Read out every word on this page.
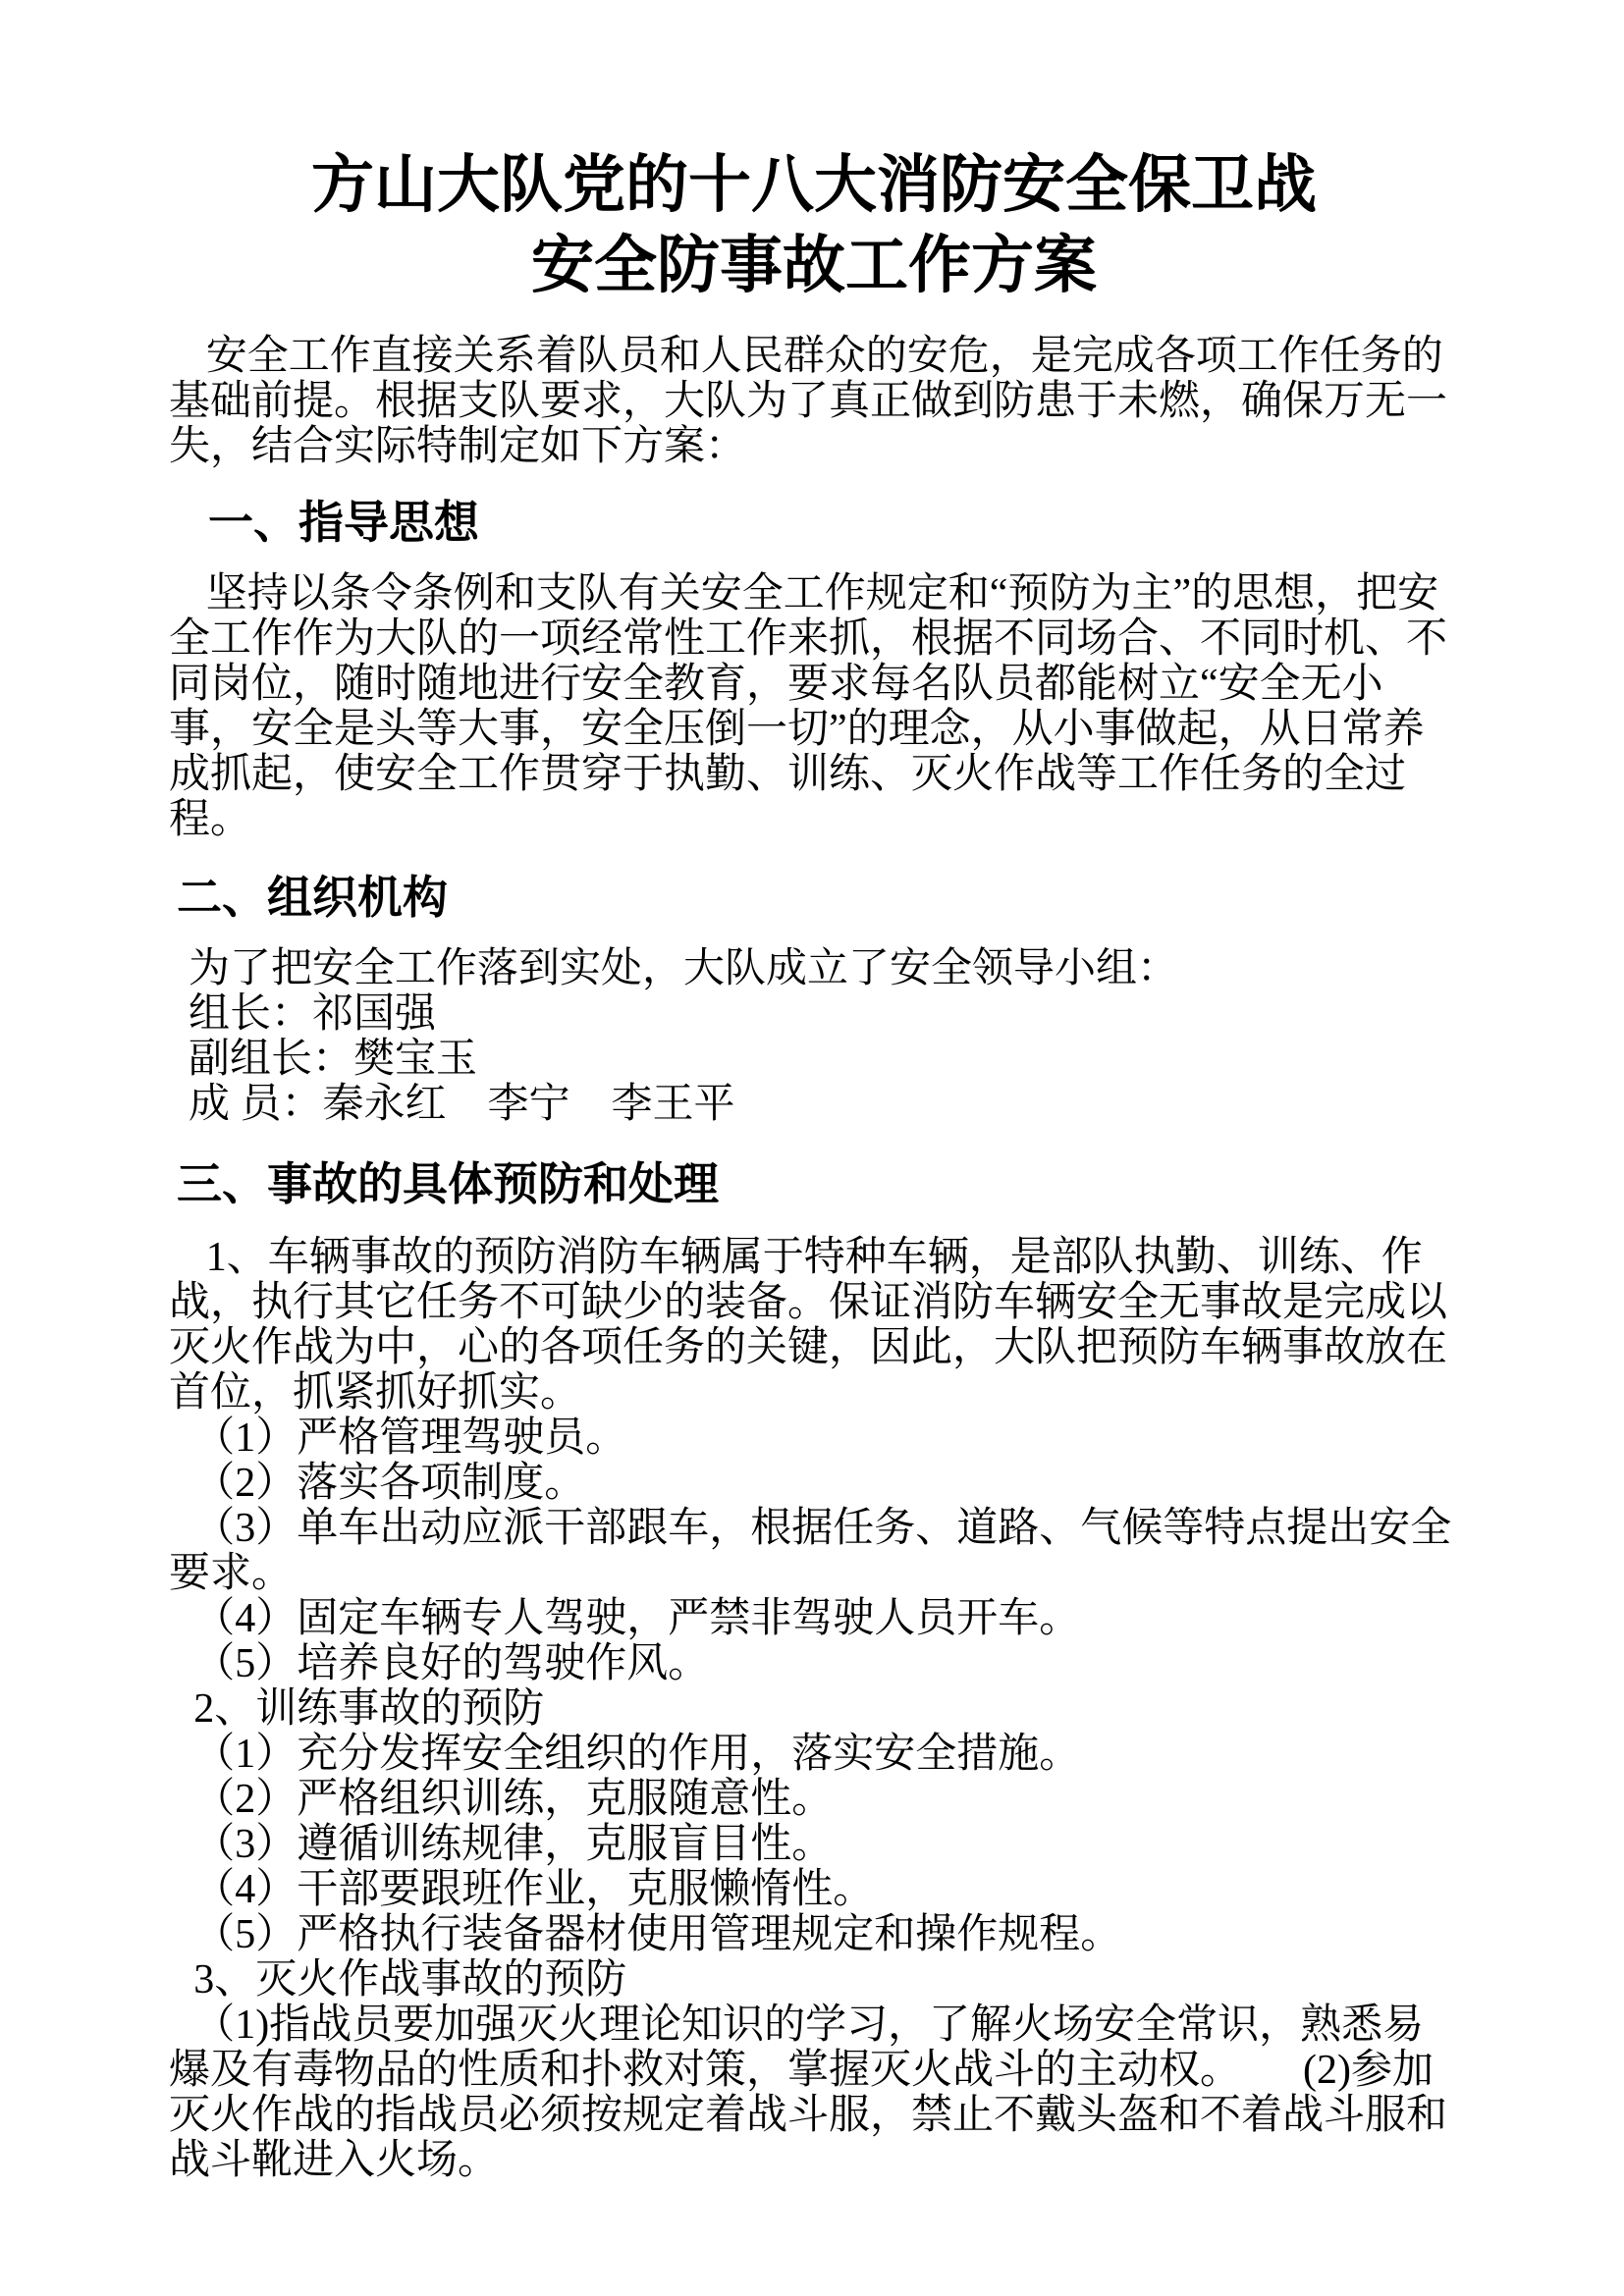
方山大队党的十八大消防安全保卫战
安全防事故工作方案

安全工作直接关系着队员和人民群众的安危，是完成各项工作任务的基础前提。根据支队要求，大队为了真正做到防患于未燃，确保万无一失，结合实际特制定如下方案：

一、指导思想

坚持以条令条例和支队有关安全工作规定和“预防为主”的思想，把安全工作作为大队的一项经常性工作来抓，根据不同场合、不同时机、不同岗位，随时随地进行安全教育，要求每名队员都能树立“安全无小事，安全是头等大事，安全压倒一切”的理念，从小事做起，从日常养成抓起，使安全工作贯穿于执勤、训练、灭火作战等工作任务的全过程。

二、组织机构

为了把安全工作落到实处，大队成立了安全领导小组：

组长：祁国强

副组长：樊宝玉

成 员：秦永红　李宁　李王平

三、事故的具体预防和处理

1、车辆事故的预防消防车辆属于特种车辆，是部队执勤、训练、作战，执行其它任务不可缺少的装备。保证消防车辆安全无事故是完成以灭火作战为中，心的各项任务的关键，因此，大队把预防车辆事故放在首位，抓紧抓好抓实。

（1）严格管理驾驶员。

（2）落实各项制度。

（3）单车出动应派干部跟车，根据任务、道路、气候等特点提出安全要求。

（4）固定车辆专人驾驶，严禁非驾驶人员开车。

（5）培养良好的驾驶作风。

2、训练事故的预防

（1）充分发挥安全组织的作用，落实安全措施。

（2）严格组织训练，克服随意性。

（3）遵循训练规律，克服盲目性。

（4）干部要跟班作业，克服懒惰性。

（5）严格执行装备器材使用管理规定和操作规程。

3、灭火作战事故的预防

（1)指战员要加强灭火理论知识的学习，了解火场安全常识，熟悉易爆及有毒物品的性质和扑救对策，掌握灭火战斗的主动权。　　(2)参加灭火作战的指战员必须按规定着战斗服，禁止不戴头盔和不着战斗服和战斗靴进入火场。
